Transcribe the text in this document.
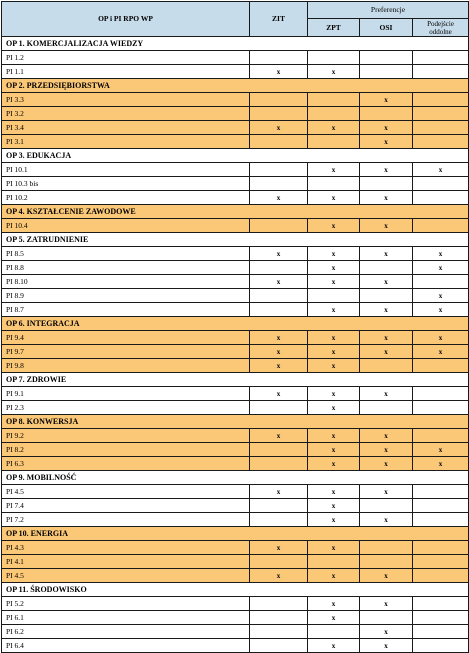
OP i PI RPO WP	ZIT	Preferencje		
		ZPT	OSI	Podejście oddolne
OP 1. KOMERCJALIZACJA WIEDZY				
PI 1.2				
PI 1.1	x	x		
OP 2. PRZEDSIĘBIORSTWA				
PI 3.3			x	
PI 3.2				
PI 3.4	x	x	x	
PI 3.1			x	
OP 3. EDUKACJA				
PI 10.1		x	x	x
PI 10.3 bis				
PI 10.2	x	x	x	
OP 4. KSZTAŁCENIE ZAWODOWE				
PI 10.4		x	x	
OP 5. ZATRUDNIENIE				
PI 8.5	x	x	x	x
PI 8.8		x		x
PI 8.10	x	x	x	
PI 8.9				x
PI 8.7		x	x	x
OP 6. INTEGRACJA				
PI 9.4	x	x	x	x
PI 9.7	x	x	x	x
PI 9.8	x	x		
OP 7. ZDROWIE				
PI 9.1	x	x	x	
PI 2.3		x		
OP 8. KONWERSJA				
PI 9.2	x	x	x	
PI 8.2		x	x	x
PI 6.3		x	x	x
OP 9. MOBILNOŚĆ				
PI 4.5	x	x	x	
PI 7.4		x		
PI 7.2		x	x	
OP 10. ENERGIA				
PI 4.3	x	x		
PI 4.1				
PI 4.5	x	x	x	
OP 11. ŚRODOWISKO				
PI 5.2		x	x	
PI 6.1		x		
PI 6.2			x	
PI 6.4		x	x	
